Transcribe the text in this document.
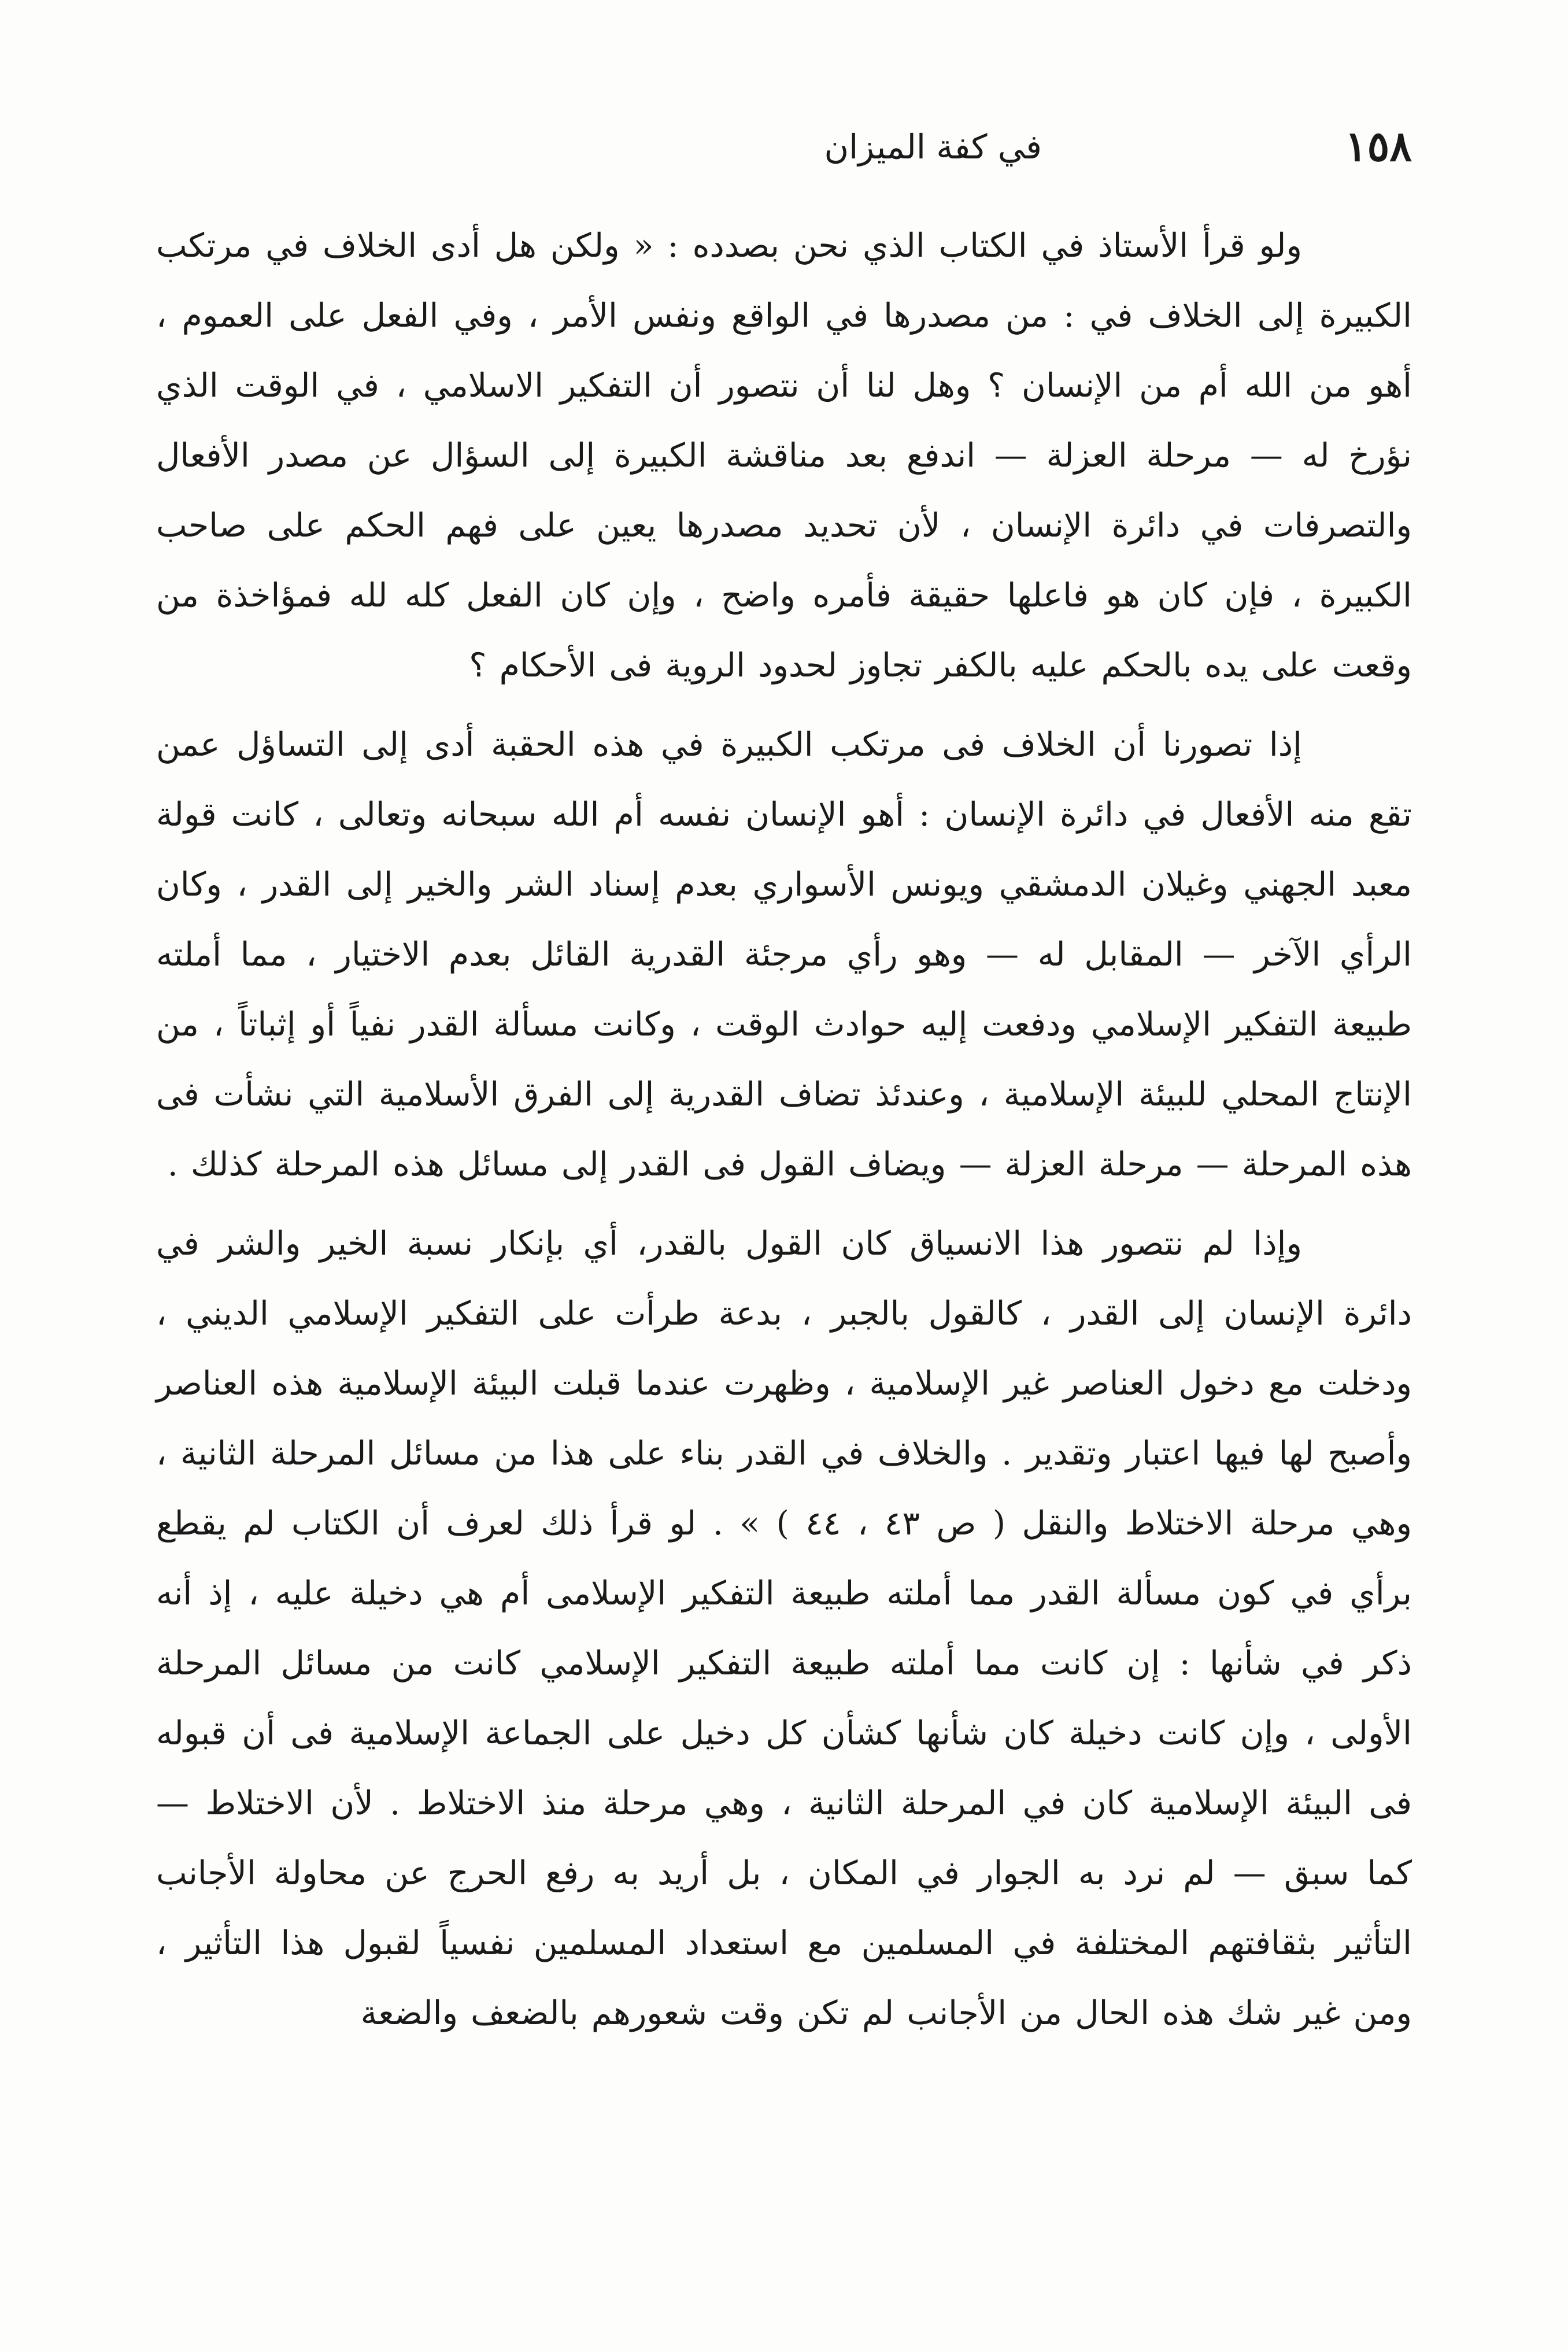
١٥٨
في كفة الميزان

ولو قرأ الأستاذ في الكتاب الذي نحن بصدده : « ولكن هل أدى الخلاف في مرتكب الكبيرة إلى الخلاف في : من مصدرها في الواقع ونفس الأمر ، وفي الفعل على العموم ، أهو من الله أم من الإنسان ؟ وهل لنا أن نتصور أن التفكير الاسلامي ، في الوقت الذي نؤرخ له — مرحلة العزلة — اندفع بعد مناقشة الكبيرة إلى السؤال عن مصدر الأفعال والتصرفات في دائرة الإنسان ، لأن تحديد مصدرها يعين على فهم الحكم على صاحب الكبيرة ، فإن كان هو فاعلها حقيقة فأمره واضح ، وإن كان الفعل كله لله فمؤاخذة من وقعت على يده بالحكم عليه بالكفر تجاوز لحدود الروية فى الأحكام ؟

إذا تصورنا أن الخلاف فى مرتكب الكبيرة في هذه الحقبة أدى إلى التساؤل عمن تقع منه الأفعال في دائرة الإنسان : أهو الإنسان نفسه أم الله سبحانه وتعالى ، كانت قولة معبد الجهني وغيلان الدمشقي ويونس الأسواري بعدم إسناد الشر والخير إلى القدر ، وكان الرأي الآخر — المقابل له — وهو رأي مرجئة القدرية القائل بعدم الاختيار ، مما أملته طبيعة التفكير الإسلامي ودفعت إليه حوادث الوقت ، وكانت مسألة القدر نفياً أو إثباتاً ، من الإنتاج المحلي للبيئة الإسلامية ، وعندئذ تضاف القدرية إلى الفرق الأسلامية التي نشأت فى هذه المرحلة — مرحلة العزلة — ويضاف القول فى القدر إلى مسائل هذه المرحلة كذلك .

وإذا لم نتصور هذا الانسياق كان القول بالقدر، أي بإنكار نسبة الخير والشر في دائرة الإنسان إلى القدر ، كالقول بالجبر ، بدعة طرأت على التفكير الإسلامي الديني ، ودخلت مع دخول العناصر غير الإسلامية ، وظهرت عندما قبلت البيئة الإسلامية هذه العناصر وأصبح لها فيها اعتبار وتقدير . والخلاف في القدر بناء على هذا من مسائل المرحلة الثانية ، وهي مرحلة الاختلاط والنقل ( ص ٤٣ ، ٤٤ ) » . لو قرأ ذلك لعرف أن الكتاب لم يقطع برأي في كون مسألة القدر مما أملته طبيعة التفكير الإسلامى أم هي دخيلة عليه ، إذ أنه ذكر في شأنها : إن كانت مما أملته طبيعة التفكير الإسلامي كانت من مسائل المرحلة الأولى ، وإن كانت دخيلة كان شأنها كشأن كل دخيل على الجماعة الإسلامية فى أن قبوله فى البيئة الإسلامية كان في المرحلة الثانية ، وهي مرحلة منذ الاختلاط . لأن الاختلاط — كما سبق — لم نرد به الجوار في المكان ، بل أريد به رفع الحرج عن محاولة الأجانب التأثير بثقافتهم المختلفة في المسلمين مع استعداد المسلمين نفسياً لقبول هذا التأثير ، ومن غير شك هذه الحال من الأجانب لم تكن وقت شعورهم بالضعف والضعة
